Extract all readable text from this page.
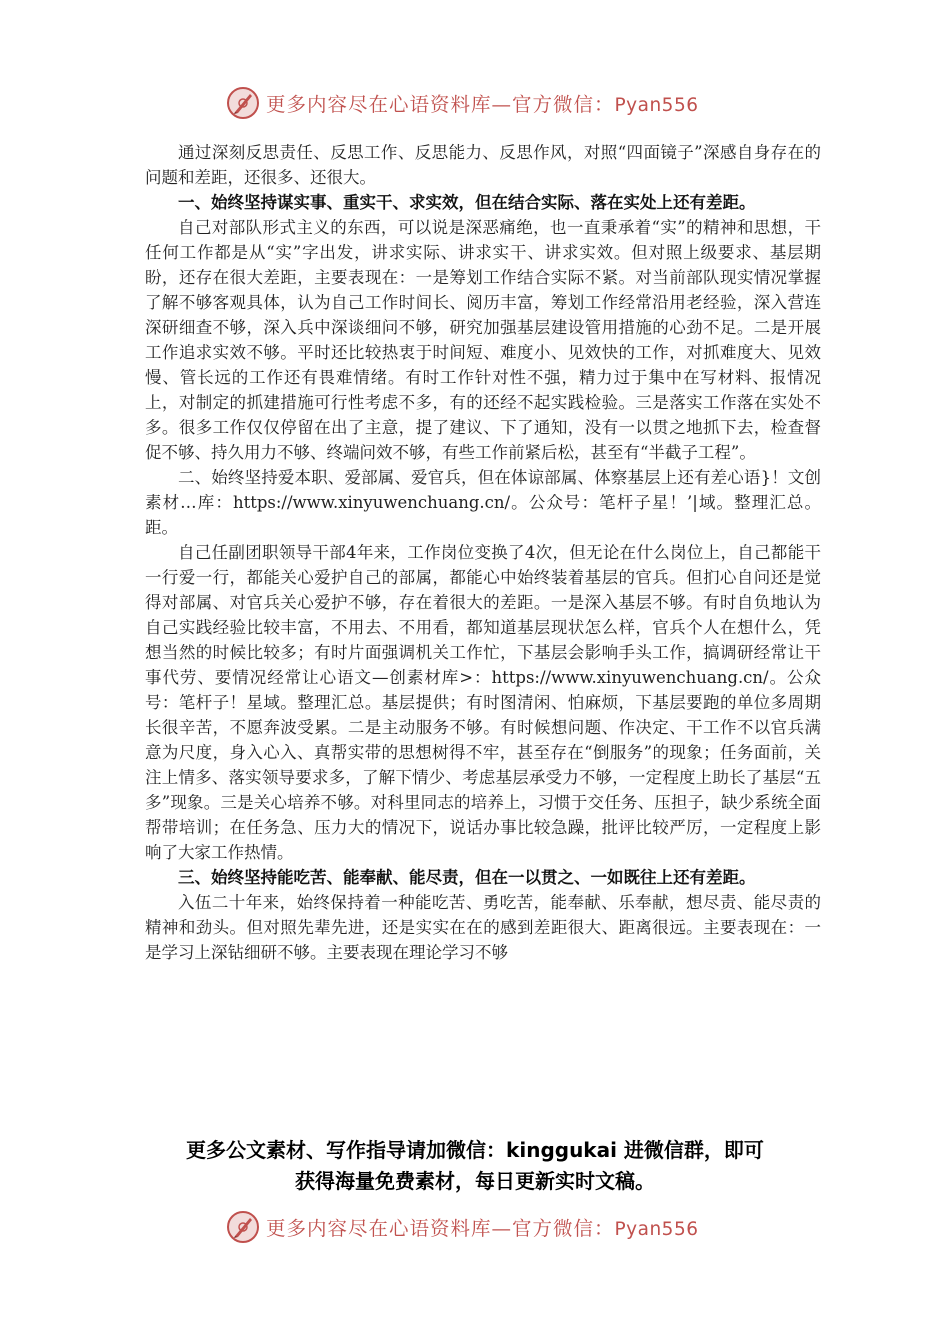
更多内容尽在心语资料库—官方微信：Pyan556

通过深刻反思责任、反思工作、反思能力、反思作风，对照“四面镜子”深感自身存在的问题和差距，还很多、还很大。

一、始终坚持谋实事、重实干、求实效，但在结合实际、落在实处上还有差距。

自己对部队形式主义的东西，可以说是深恶痛绝，也一直秉承着“实”的精神和思想，干任何工作都是从“实”字出发，讲求实际、讲求实干、讲求实效。但对照上级要求、基层期盼，还存在很大差距，主要表现在：一是筹划工作结合实际不紧。对当前部队现实情况掌握了解不够客观具体，认为自己工作时间长、阅历丰富，筹划工作经常沿用老经验，深入营连深研细查不够，深入兵中深谈细问不够，研究加强基层建设管用措施的心劲不足。二是开展工作追求实效不够。平时还比较热衷于时间短、难度小、见效快的工作，对抓难度大、见效慢、管长远的工作还有畏难情绪。有时工作针对性不强，精力过于集中在写材料、报情况上，对制定的抓建措施可行性考虑不多，有的还经不起实践检验。三是落实工作落在实处不多。很多工作仅仅停留在出了主意，提了建议、下了通知，没有一以贯之地抓下去，检查督促不够、持久用力不够、终端问效不够，有些工作前紧后松，甚至有“半截子工程”。

二、始终坚持爱本职、爱部属、爱官兵，但在体谅部属、体察基层上还有差心语}！文创素材…库：https://www.xinyuwenchuang.cn/。公众号：笔杆子星！’|域。整理汇总。距。

自己任副团职领导干部4年来，工作岗位变换了4次，但无论在什么岗位上，自己都能干一行爱一行，都能关心爱护自己的部属，都能心中始终装着基层的官兵。但扪心自问还是觉得对部属、对官兵关心爱护不够，存在着很大的差距。一是深入基层不够。有时自负地认为自己实践经验比较丰富，不用去、不用看，都知道基层现状怎么样，官兵个人在想什么，凭想当然的时候比较多；有时片面强调机关工作忙，下基层会影响手头工作，搞调研经常让干事代劳、要情况经常让心语文—创素材库>：https://www.xinyuwenchuang.cn/。公众号：笔杆子！星域。整理汇总。基层提供；有时图清闲、怕麻烦，下基层要跑的单位多周期长很辛苦，不愿奔波受累。二是主动服务不够。有时候想问题、作决定、干工作不以官兵满意为尺度，身入心入、真帮实带的思想树得不牢，甚至存在“倒服务”的现象；任务面前，关注上情多、落实领导要求多，了解下情少、考虑基层承受力不够，一定程度上助长了基层“五多”现象。三是关心培养不够。对科里同志的培养上，习惯于交任务、压担子，缺少系统全面帮带培训；在任务急、压力大的情况下，说话办事比较急躁，批评比较严厉，一定程度上影响了大家工作热情。

三、始终坚持能吃苦、能奉献、能尽责，但在一以贯之、一如既往上还有差距。

入伍二十年来，始终保持着一种能吃苦、勇吃苦，能奉献、乐奉献，想尽责、能尽责的精神和劲头。但对照先辈先进，还是实实在在的感到差距很大、距离很远。主要表现在：一是学习上深钻细研不够。主要表现在理论学习不够

更多公文素材、写作指导请加微信：kinggukai 进微信群，即可
获得海量免费素材，每日更新实时文稿。
更多内容尽在心语资料库—官方微信：Pyan556
